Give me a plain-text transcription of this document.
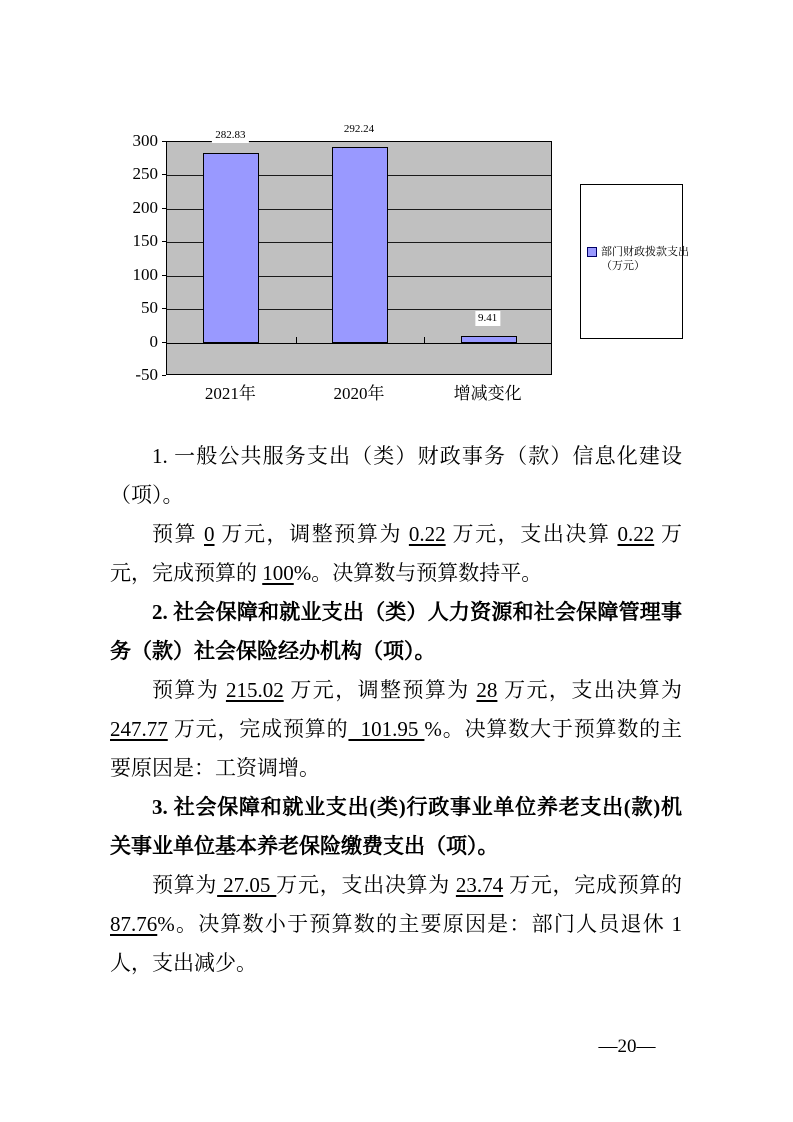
300
250
200
150
100
50
0
-50
2021年	2020年	增减变化
282.83
292.24
9.41
部门财政拨款支出
（万元）
1. 一般公共服务支出（类）财政事务（款）信息化建设（项）。

预算 0 万元，调整预算为 0.22 万元，支出决算 0.22 万元，完成预算的 100%。决算数与预算数持平。

2. 社会保障和就业支出（类）人力资源和社会保障管理事务（款）社会保险经办机构（项）。

预算为 215.02 万元，调整预算为 28 万元，支出决算为 247.77 万元，完成预算的  101.95 %。决算数大于预算数的主要原因是：工资调增。

3. 社会保障和就业支出(类)行政事业单位养老支出(款)机关事业单位基本养老保险缴费支出（项）。

预算为 27.05 万元，支出决算为 23.74 万元，完成预算的 87.76%。决算数小于预算数的主要原因是：部门人员退休 1 人，支出减少。

—20—
